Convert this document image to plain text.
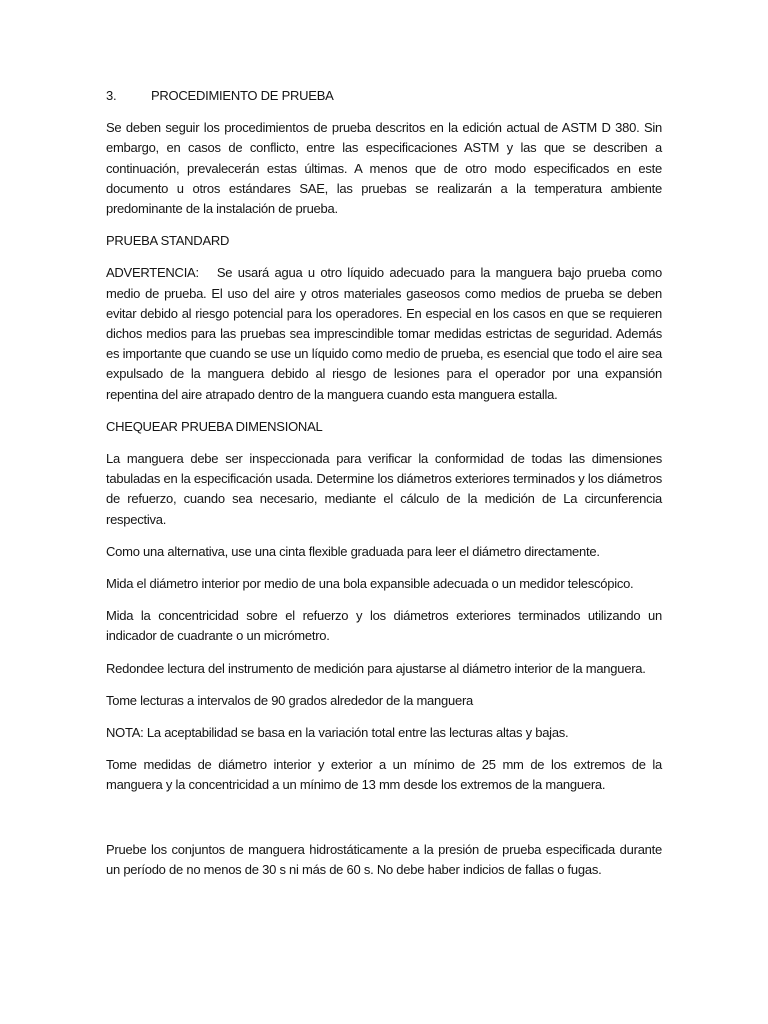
3.	PROCEDIMIENTO DE PRUEBA

Se deben seguir los procedimientos de prueba descritos en la edición actual de ASTM D 380. Sin embargo, en casos de conflicto, entre las especificaciones ASTM y las que se describen a continuación, prevalecerán estas últimas. A menos que de otro modo especificados en este documento u otros estándares SAE, las pruebas se realizarán a la temperatura ambiente predominante de la instalación de prueba.

PRUEBA STANDARD

ADVERTENCIA: Se usará agua u otro líquido adecuado para la manguera bajo prueba como medio de prueba. El uso del aire y otros materiales gaseosos como medios de prueba se deben evitar debido al riesgo potencial para los operadores. En especial en los casos en que se requieren dichos medios para las pruebas sea imprescindible tomar medidas estrictas de seguridad. Además es importante que cuando se use un líquido como medio de prueba, es esencial que todo el aire sea expulsado de la manguera debido al riesgo de lesiones para el operador por una expansión repentina del aire atrapado dentro de la manguera cuando esta manguera estalla.

CHEQUEAR PRUEBA DIMENSIONAL

La manguera debe ser inspeccionada para verificar la conformidad de todas las dimensiones tabuladas en la especificación usada. Determine los diámetros exteriores terminados y los diámetros de refuerzo, cuando sea necesario, mediante el cálculo de la medición de La circunferencia respectiva.

Como una alternativa, use una cinta flexible graduada para leer el diámetro directamente.

Mida el diámetro interior por medio de una bola expansible adecuada o un medidor telescópico.

Mida la concentricidad sobre el refuerzo y los diámetros exteriores terminados utilizando un indicador de cuadrante o un micrómetro.

Redondee lectura del instrumento de medición para ajustarse al diámetro interior de la manguera.

Tome lecturas a intervalos de 90 grados alrededor de la manguera

NOTA: La aceptabilidad se basa en la variación total entre las lecturas altas y bajas.

Tome medidas de diámetro interior y exterior a un mínimo de 25 mm de los extremos de la manguera y la concentricidad a un mínimo de 13 mm desde los extremos de la manguera.

Pruebe los conjuntos de manguera hidrostáticamente a la presión de prueba especificada durante un período de no menos de 30 s ni más de 60 s. No debe haber indicios de fallas o fugas.
